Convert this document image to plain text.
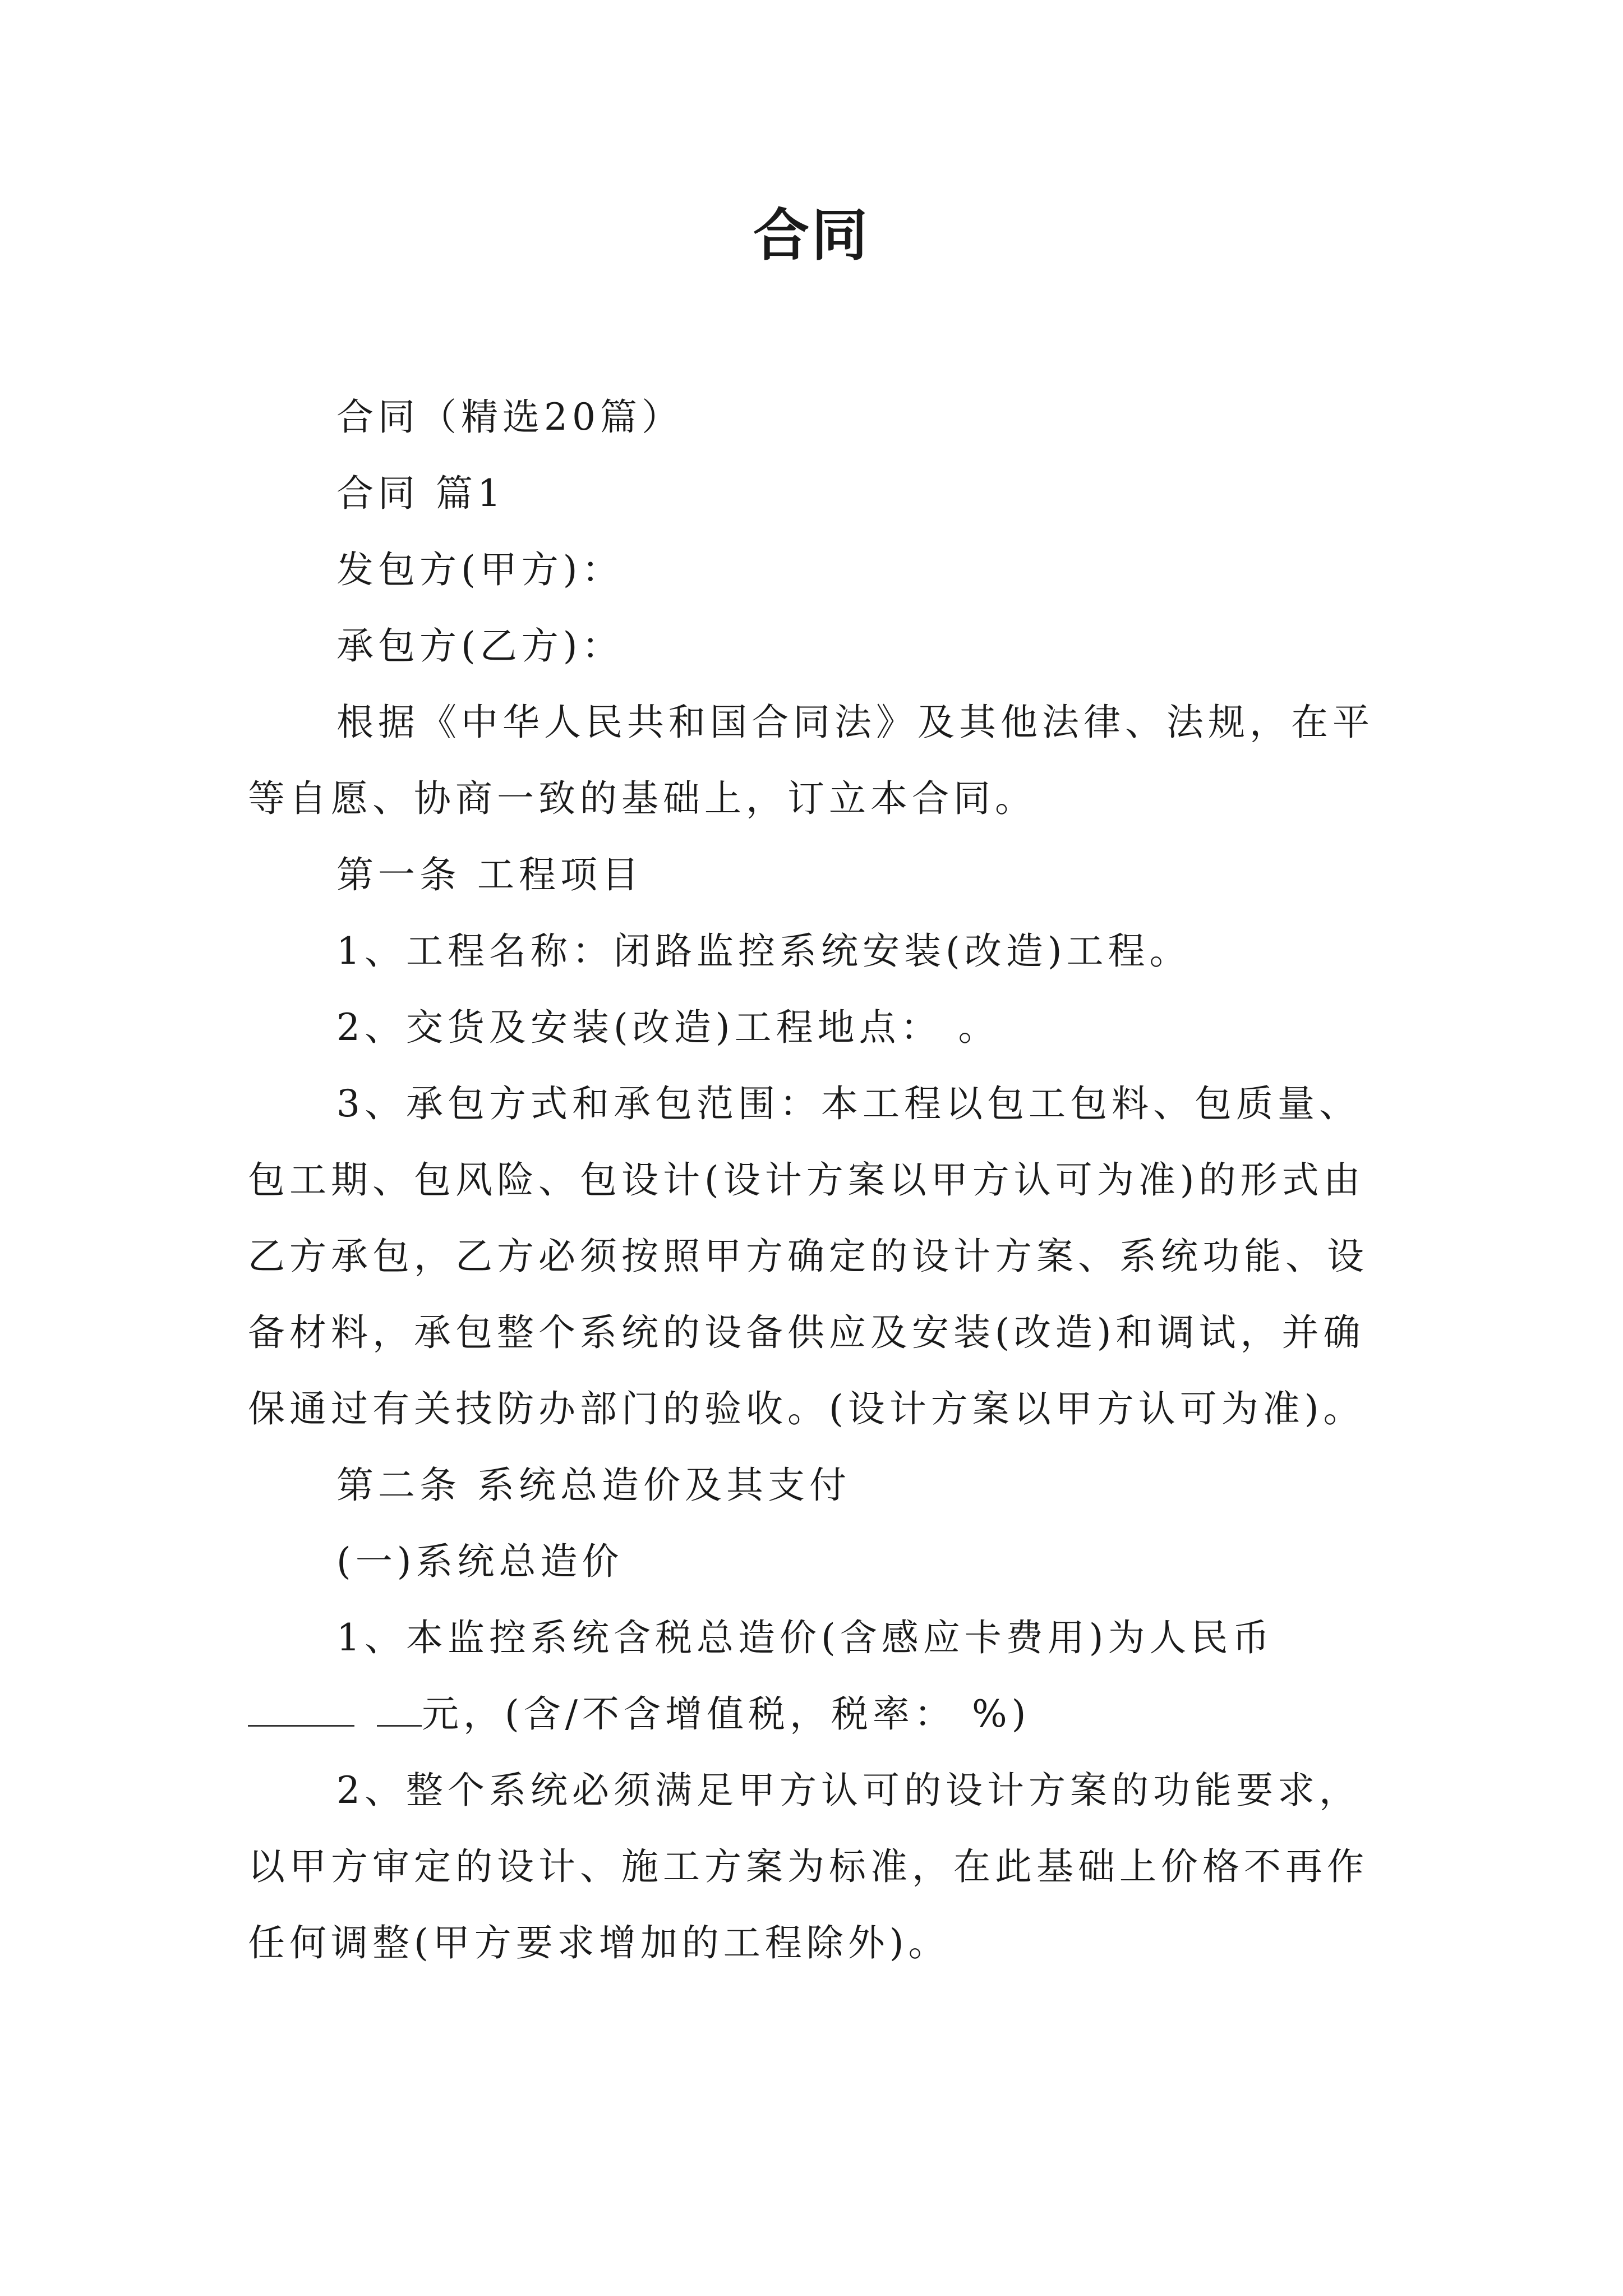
合同

合同（精选20篇）

合同 篇1

发包方(甲方)：

承包方(乙方)：

根据《中华人民共和国合同法》及其他法律、法规，在平等自愿、协商一致的基础上，订立本合同。

第一条 工程项目

1、工程名称：闭路监控系统安装(改造)工程。

2、交货及安装(改造)工程地点： 。

3、承包方式和承包范围：本工程以包工包料、包质量、包工期、包风险、包设计(设计方案以甲方认可为准)的形式由乙方承包，乙方必须按照甲方确定的设计方案、系统功能、设备材料，承包整个系统的设备供应及安装(改造)和调试，并确保通过有关技防办部门的验收。(设计方案以甲方认可为准)。

第二条 系统总造价及其支付

(一)系统总造价

1、本监控系统含税总造价(含感应卡费用)为人民币

元，(含/不含增值税，税率： %)

2、整个系统必须满足甲方认可的设计方案的功能要求，以甲方审定的设计、施工方案为标准，在此基础上价格不再作任何调整(甲方要求增加的工程除外)。
